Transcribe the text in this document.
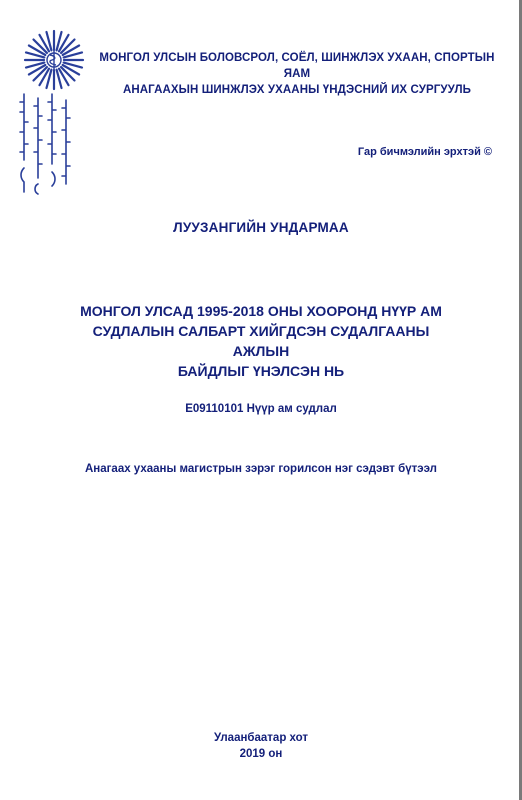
МОНГОЛ УЛСЫН БОЛОВСРОЛ, СОЁЛ, ШИНЖЛЭХ УХААН, СПОРТЫН ЯАМ
АНАГААХЫН ШИНЖЛЭХ УХААНЫ ҮНДЭСНИЙ ИХ СУРГУУЛЬ
Гар бичмэлийн эрхтэй ©
ЛУУЗАНГИЙН УНДАРМАА
МОНГОЛ УЛСАД 1995-2018 ОНЫ ХООРОНД НҮҮР АМ
СУДЛАЛЫН САЛБАРТ ХИЙГДСЭН СУДАЛГААНЫ АЖЛЫН
БАЙДЛЫГ ҮНЭЛСЭН НЬ
E09110101 Нүүр ам судлал
Анагаах ухааны магистрын зэрэг горилсон нэг сэдэвт бүтээл
Улаанбаатар хот
2019 он
